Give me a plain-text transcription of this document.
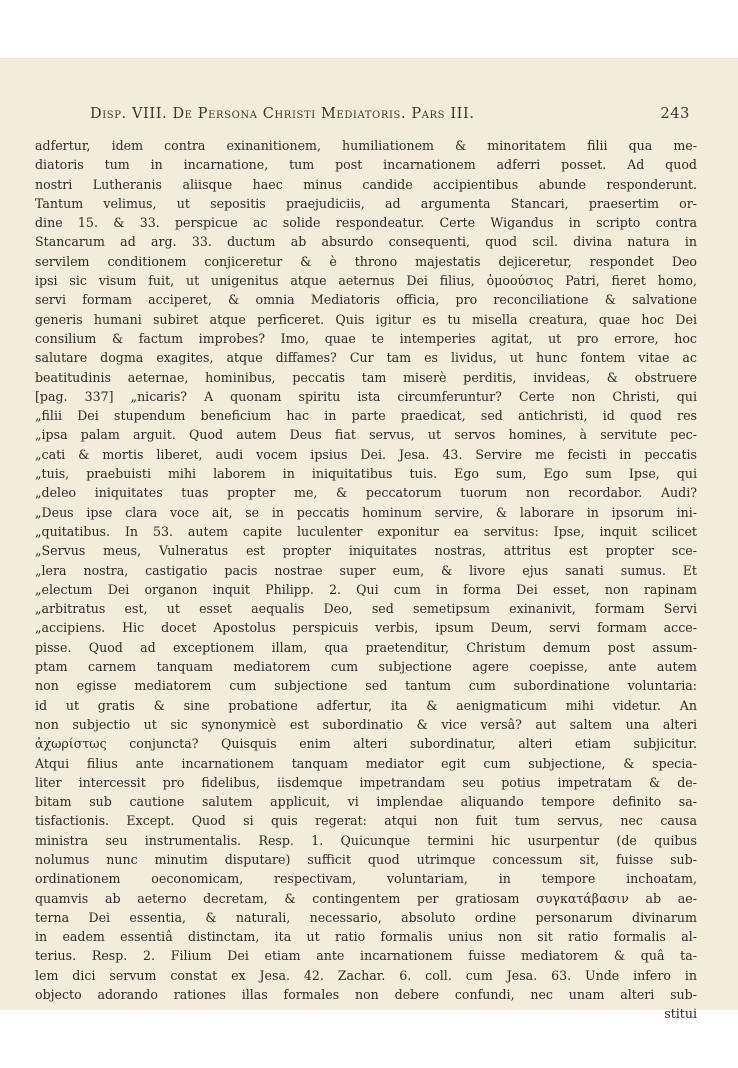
Disp. VIII. De Persona Christi Mediatoris. Pars III.	243
adfertur, idem contra exinanitionem, humiliationem & minoritatem filii qua me-
diatoris tum in incarnatione, tum post incarnationem adferri posset. Ad quod
nostri Lutheranis aliisque haec minus candide accipientibus abunde responderunt.
Tantum velimus, ut sepositis praejudiciis, ad argumenta Stancari, praesertim or-
dine 15. & 33. perspicue ac solide respondeatur. Certe Wigandus in scripto contra
Stancarum ad arg. 33. ductum ab absurdo consequenti, quod scil. divina natura in
servilem conditionem conjiceretur & è throno majestatis dejiceretur, respondet Deo
ipsi sic visum fuit, ut unigenitus atque aeternus Dei filius, ὁμοούσιος Patri, fieret homo,
servi formam acciperet, & omnia Mediatoris officia, pro reconciliatione & salvatione
generis humani subiret atque perficeret. Quis igitur es tu misella creatura, quae hoc Dei
consilium & factum improbes? Imo, quae te intemperies agitat, ut pro errore, hoc
salutare dogma exagites, atque diffames? Cur tam es lividus, ut hunc fontem vitae ac
beatitudinis aeternae, hominibus, peccatis tam miserè perditis, invideas, & obstruere
[pag. 337] „nicaris? A quonam spiritu ista circumferuntur? Certe non Christi, qui
„filii Dei stupendum beneficium hac in parte praedicat, sed antichristi, id quod res
„ipsa palam arguit. Quod autem Deus fiat servus, ut servos homines, à servitute pec-
„cati & mortis liberet, audi vocem ipsius Dei. Jesa. 43. Servire me fecisti in peccatis
„tuis, praebuisti mihi laborem in iniquitatibus tuis. Ego sum, Ego sum Ipse, qui
„deleo iniquitates tuas propter me, & peccatorum tuorum non recordabor. Audi?
„Deus ipse clara voce ait, se in peccatis hominum servire, & laborare in ipsorum ini-
„quitatibus. In 53. autem capite luculenter exponitur ea servitus: Ipse, inquit scilicet
„Servus meus, Vulneratus est propter iniquitates nostras, attritus est propter sce-
„lera nostra, castigatio pacis nostrae super eum, & livore ejus sanati sumus. Et
„electum Dei organon inquit Philipp. 2. Qui cum in forma Dei esset, non rapinam
„arbitratus est, ut esset aequalis Deo, sed semetipsum exinanivit, formam Servi
„accipiens. Hic docet Apostolus perspicuis verbis, ipsum Deum, servi formam acce-
pisse. Quod ad exceptionem illam, qua praetenditur, Christum demum post assum-
ptam carnem tanquam mediatorem cum subjectione agere coepisse, ante autem
non egisse mediatorem cum subjectione sed tantum cum subordinatione voluntaria:
id ut gratis & sine probatione adfertur, ita & aenigmaticum mihi videtur. An
non subjectio ut sic synonymicè est subordinatio & vice versâ? aut saltem una alteri
ἀχωρίστως conjuncta? Quisquis enim alteri subordinatur, alteri etiam subjicitur.
Atqui filius ante incarnationem tanquam mediator egit cum subjectione, & specia-
liter intercessit pro fidelibus, iisdemque impetrandam seu potius impetratam & de-
bitam sub cautione salutem applicuit, vi implendae aliquando tempore definito sa-
tisfactionis. Except. Quod si quis regerat: atqui non fuit tum servus, nec causa
ministra seu instrumentalis. Resp. 1. Quicunque termini hic usurpentur (de quibus
nolumus nunc minutim disputare) sufficit quod utrimque concessum sit, fuisse sub-
ordinationem oeconomicam, respectivam, voluntariam, in tempore inchoatam,
quamvis ab aeterno decretam, & contingentem per gratiosam συγκατάβασιν ab ae-
terna Dei essentia, & naturali, necessario, absoluto ordine personarum divinarum
in eadem essentiâ distinctam, ita ut ratio formalis unius non sit ratio formalis al-
terius. Resp. 2. Filium Dei etiam ante incarnationem fuisse mediatorem & quâ ta-
lem dici servum constat ex Jesa. 42. Zachar. 6. coll. cum Jesa. 63. Unde infero in
objecto adorando rationes illas formales non debere confundi, nec unam alteri sub-
stitui
